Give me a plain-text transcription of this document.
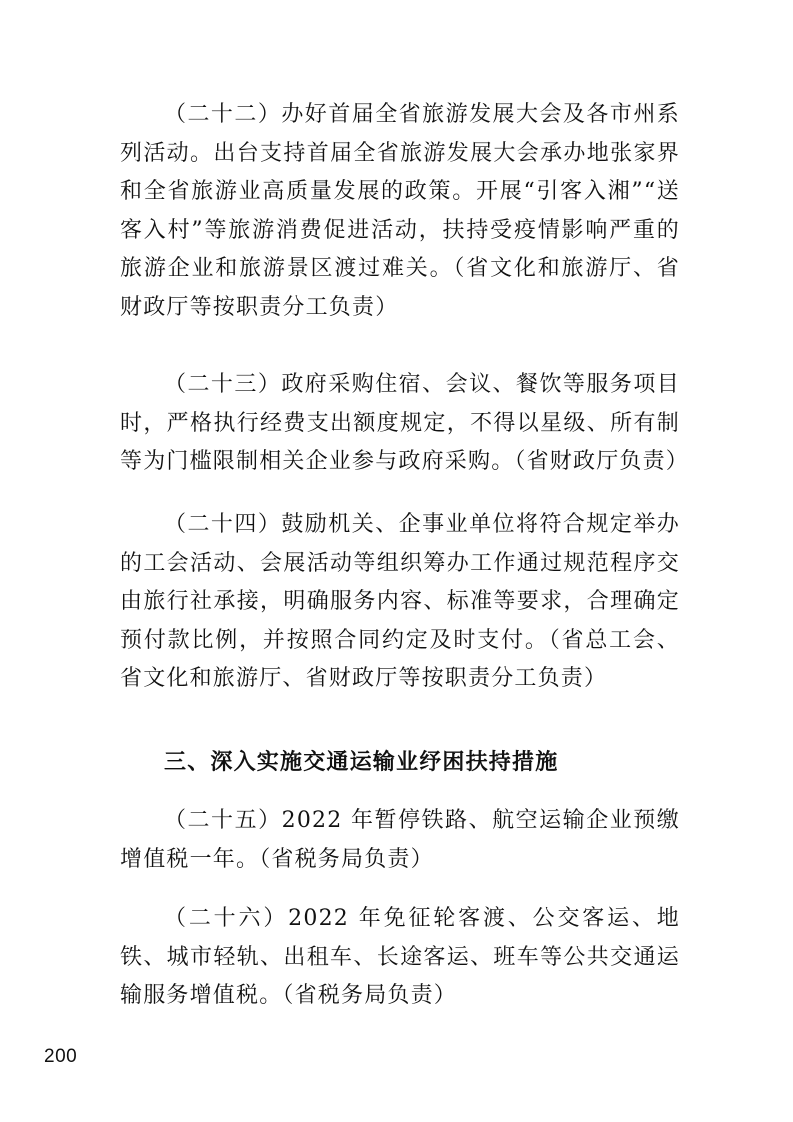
（二十二）办好首届全省旅游发展大会及各市州系列活动。出台支持首届全省旅游发展大会承办地张家界和全省旅游业高质量发展的政策。开展“引客入湘”“送客入村”等旅游消费促进活动，扶持受疫情影响严重的旅游企业和旅游景区渡过难关。（省文化和旅游厅、省财政厅等按职责分工负责）

（二十三）政府采购住宿、会议、餐饮等服务项目时，严格执行经费支出额度规定，不得以星级、所有制等为门槛限制相关企业参与政府采购。（省财政厅负责）

（二十四）鼓励机关、企事业单位将符合规定举办的工会活动、会展活动等组织筹办工作通过规范程序交由旅行社承接，明确服务内容、标准等要求，合理确定预付款比例，并按照合同约定及时支付。（省总工会、省文化和旅游厅、省财政厅等按职责分工负责）

三、深入实施交通运输业纾困扶持措施

（二十五）2022 年暂停铁路、航空运输企业预缴增值税一年。（省税务局负责）

（二十六）2022 年免征轮客渡、公交客运、地铁、城市轻轨、出租车、长途客运、班车等公共交通运输服务增值税。（省税务局负责）

200
